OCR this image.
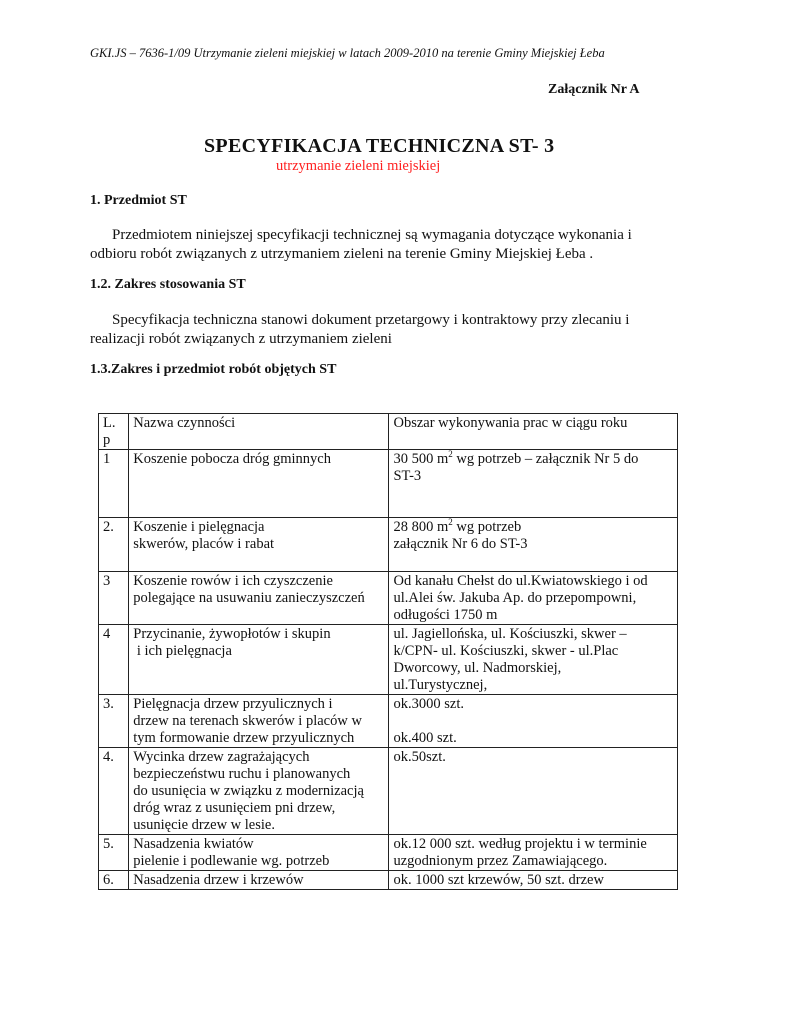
GKI.JS – 7636-1/09 Utrzymanie zieleni miejskiej w latach 2009-2010 na terenie Gminy Miejskiej Łeba
Załącznik Nr A
SPECYFIKACJA TECHNICZNA ST- 3
utrzymanie zieleni miejskiej
1. Przedmiot ST
Przedmiotem niniejszej specyfikacji technicznej są wymagania dotyczące wykonania i
odbioru robót związanych z utrzymaniem zieleni na terenie Gminy Miejskiej Łeba .
1.2. Zakres stosowania ST
Specyfikacja techniczna stanowi dokument przetargowy i kontraktowy przy zlecaniu i
realizacji robót związanych z utrzymaniem zieleni
1.3.Zakres i przedmiot robót objętych ST
L.
p	Nazwa czynności	Obszar wykonywania prac w ciągu roku
1	Koszenie pobocza dróg gminnych	30 500 $m^2$ wg potrzeb – załącznik Nr 5 do
ST-3

2.	Koszenie i pielęgnacja
skwerów, placów i rabat	28 800 $m^2$ wg potrzeb
załącznik Nr 6 do ST-3

3	Koszenie rowów i ich czyszczenie
polegające na usuwaniu zanieczyszczeń	Od kanału Chełst do ul.Kwiatowskiego i od
ul.Alei św. Jakuba Ap. do przepompowni,
odługości 1750 m

4	Przycinanie, żywopłotów i skupin
i ich pielęgnacja	ul. Jagiellońska, ul. Kościuszki, skwer –
k/CPN- ul. Kościuszki, skwer - ul.Plac
Dworcowy, ul. Nadmorskiej,
ul.Turystycznej,

3.	Pielęgnacja drzew przyulicznych i
drzew na terenach skwerów i placów w
tym formowanie drzew przyulicznych	ok.3000 szt.
ok.400 szt.

4.	Wycinka drzew zagrażających
bezpieczeństwu ruchu i planowanych
do usunięcia w związku z modernizacją
dróg wraz z usunięciem pni drzew,
usunięcie drzew w lesie.	ok.50szt.

5.	Nasadzenia kwiatów
pielenie i podlewanie wg. potrzeb	ok.12 000 szt. według projektu i w terminie
uzgodnionym przez Zamawiającego.

6.	Nasadzenia drzew i krzewów	ok. 1000 szt krzewów, 50 szt. drzew
